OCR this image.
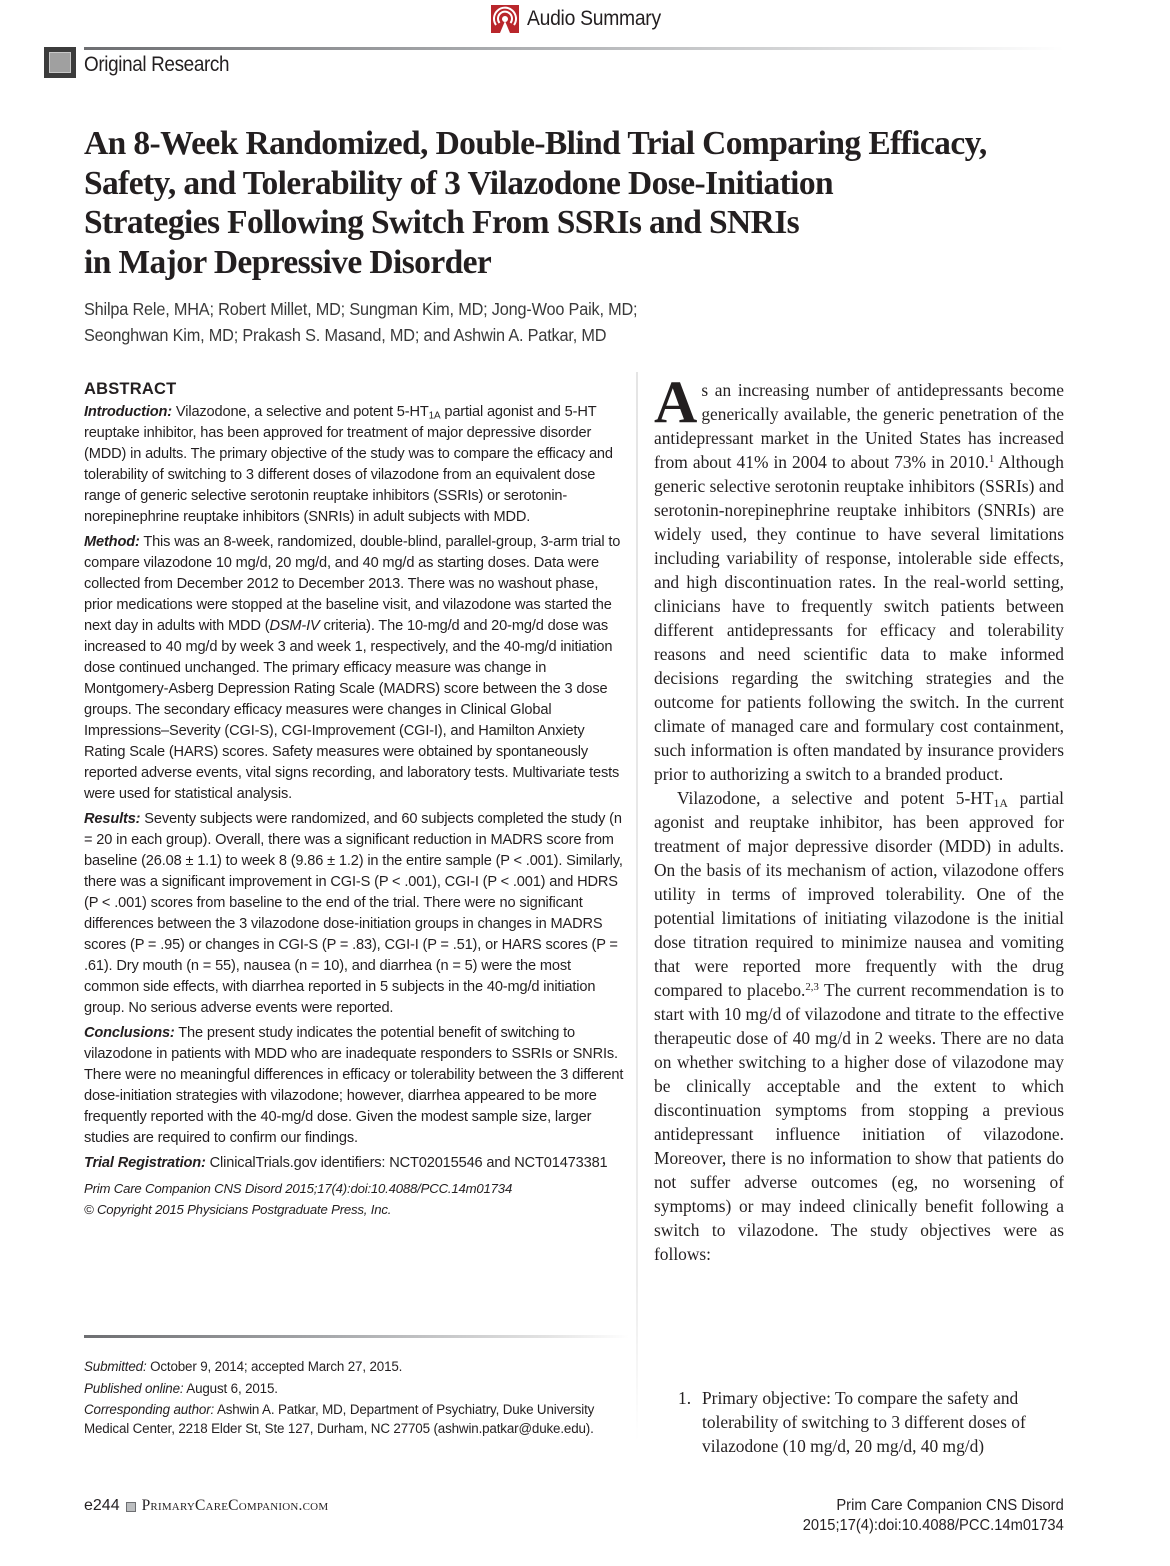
Audio Summary
Original Research
An 8-Week Randomized, Double-Blind Trial Comparing Efficacy,
Safety, and Tolerability of 3 Vilazodone Dose-Initiation
Strategies Following Switch From SSRIs and SNRIs
in Major Depressive Disorder
Shilpa Rele, MHA; Robert Millet, MD; Sungman Kim, MD; Jong-Woo Paik, MD;
Seonghwan Kim, MD; Prakash S. Masand, MD; and Ashwin A. Patkar, MD
ABSTRACT

Introduction: Vilazodone, a selective and potent $5-HT_{1A}$ partial agonist and 5-HT reuptake inhibitor, has been approved for treatment of major depressive disorder (MDD) in adults. The primary objective of the study was to compare the efficacy and tolerability of switching to 3 different doses of vilazodone from an equivalent dose range of generic selective serotonin reuptake inhibitors (SSRIs) or serotonin-norepinephrine reuptake inhibitors (SNRIs) in adult subjects with MDD.

Method: This was an 8-week, randomized, double-blind, parallel-group, 3-arm trial to compare vilazodone 10 mg/d, 20 mg/d, and 40 mg/d as starting doses. Data were collected from December 2012 to December 2013. There was no washout phase, prior medications were stopped at the baseline visit, and vilazodone was started the next day in adults with MDD (DSM-IV criteria). The 10-mg/d and 20-mg/d dose was increased to 40 mg/d by week 3 and week 1, respectively, and the 40-mg/d initiation dose continued unchanged. The primary efficacy measure was change in Montgomery-Asberg Depression Rating Scale (MADRS) score between the 3 dose groups. The secondary efficacy measures were changes in Clinical Global Impressions–Severity (CGI-S), CGI-Improvement (CGI-I), and Hamilton Anxiety Rating Scale (HARS) scores. Safety measures were obtained by spontaneously reported adverse events, vital signs recording, and laboratory tests. Multivariate tests were used for statistical analysis.

Results: Seventy subjects were randomized, and 60 subjects completed the study (n = 20 in each group). Overall, there was a significant reduction in MADRS score from baseline (26.08 ± 1.1) to week 8 (9.86 ± 1.2) in the entire sample (P < .001). Similarly, there was a significant improvement in CGI-S (P < .001), CGI-I (P < .001) and HDRS (P < .001) scores from baseline to the end of the trial. There were no significant differences between the 3 vilazodone dose-initiation groups in changes in MADRS scores (P = .95) or changes in CGI-S (P = .83), CGI-I (P = .51), or HARS scores (P = .61). Dry mouth (n = 55), nausea (n = 10), and diarrhea (n = 5) were the most common side effects, with diarrhea reported in 5 subjects in the 40-mg/d initiation group. No serious adverse events were reported.

Conclusions: The present study indicates the potential benefit of switching to vilazodone in patients with MDD who are inadequate responders to SSRIs or SNRIs. There were no meaningful differences in efficacy or tolerability between the 3 different dose-initiation strategies with vilazodone; however, diarrhea appeared to be more frequently reported with the 40-mg/d dose. Given the modest sample size, larger studies are required to confirm our findings.

Trial Registration: ClinicalTrials.gov identifiers: NCT02015546 and NCT01473381

Prim Care Companion CNS Disord 2015;17(4):doi:10.4088/PCC.14m01734
© Copyright 2015 Physicians Postgraduate Press, Inc.
Submitted: October 9, 2014; accepted March 27, 2015.
Published online: August 6, 2015.
Corresponding author: Ashwin A. Patkar, MD, Department of Psychiatry, Duke University Medical Center, 2218 Elder St, Ste 127, Durham, NC 27705 (ashwin.patkar@duke.edu).

As an increasing number of antidepressants become generically available, the generic penetration of the antidepressant market in the United States has increased from about 41% in 2004 to about 73% in 2010.$^1$ Although generic selective serotonin reuptake inhibitors (SSRIs) and serotonin-norepinephrine reuptake inhibitors (SNRIs) are widely used, they continue to have several limitations including variability of response, intolerable side effects, and high discontinuation rates. In the real-world setting, clinicians have to frequently switch patients between different antidepressants for efficacy and tolerability reasons and need scientific data to make informed decisions regarding the switching strategies and the outcome for patients following the switch. In the current climate of managed care and formulary cost containment, such information is often mandated by insurance providers prior to authorizing a switch to a branded product.

Vilazodone, a selective and potent $5-HT_{1A}$ partial agonist and reuptake inhibitor, has been approved for treatment of major depressive disorder (MDD) in adults. On the basis of its mechanism of action, vilazodone offers utility in terms of improved tolerability. One of the potential limitations of initiating vilazodone is the initial dose titration required to minimize nausea and vomiting that were reported more frequently with the drug compared to placebo.$^{2,3}$ The current recommendation is to start with 10 mg/d of vilazodone and titrate to the effective therapeutic dose of 40 mg/d in 2 weeks. There are no data on whether switching to a higher dose of vilazodone may be clinically acceptable and the extent to which discontinuation symptoms from stopping a previous antidepressant influence initiation of vilazodone. Moreover, there is no information to show that patients do not suffer adverse outcomes (eg, no worsening of symptoms) or may indeed clinically benefit following a switch to vilazodone. The study objectives were as follows:

1. Primary objective: To compare the safety and tolerability of switching to 3 different doses of vilazodone (10 mg/d, 20 mg/d, 40 mg/d)
e244 PrimaryCareCompanion.com	Prim Care Companion CNS Disord
2015;17(4):doi:10.4088/PCC.14m01734
